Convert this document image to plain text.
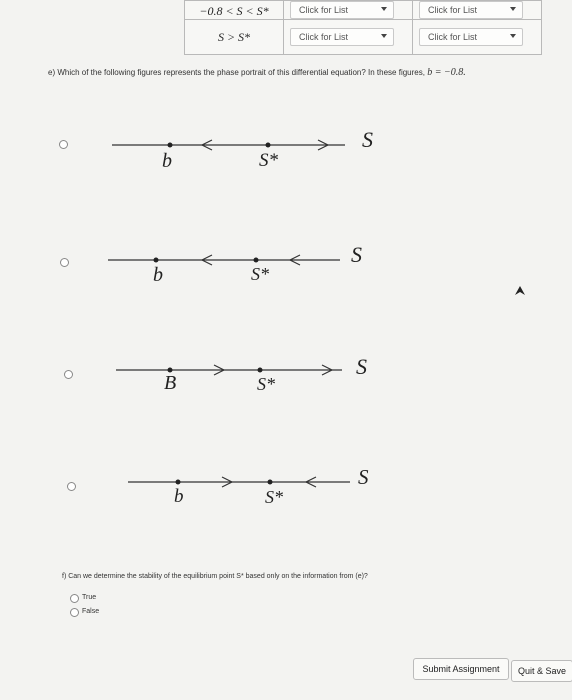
−0.8 < S < S*	Click for List	Click for List

S > S*	Click for List	Click for List
e) Which of the following figures represents the phase portrait of this differential equation? In these figures, b = −0.8.
b	S*
S
b	S*
S
B	S*
S
b	S*
S
f) Can we determine the stability of the equilibrium point S* based only on the information from (e)?
True
False
Submit Assignment	Quit & Save
